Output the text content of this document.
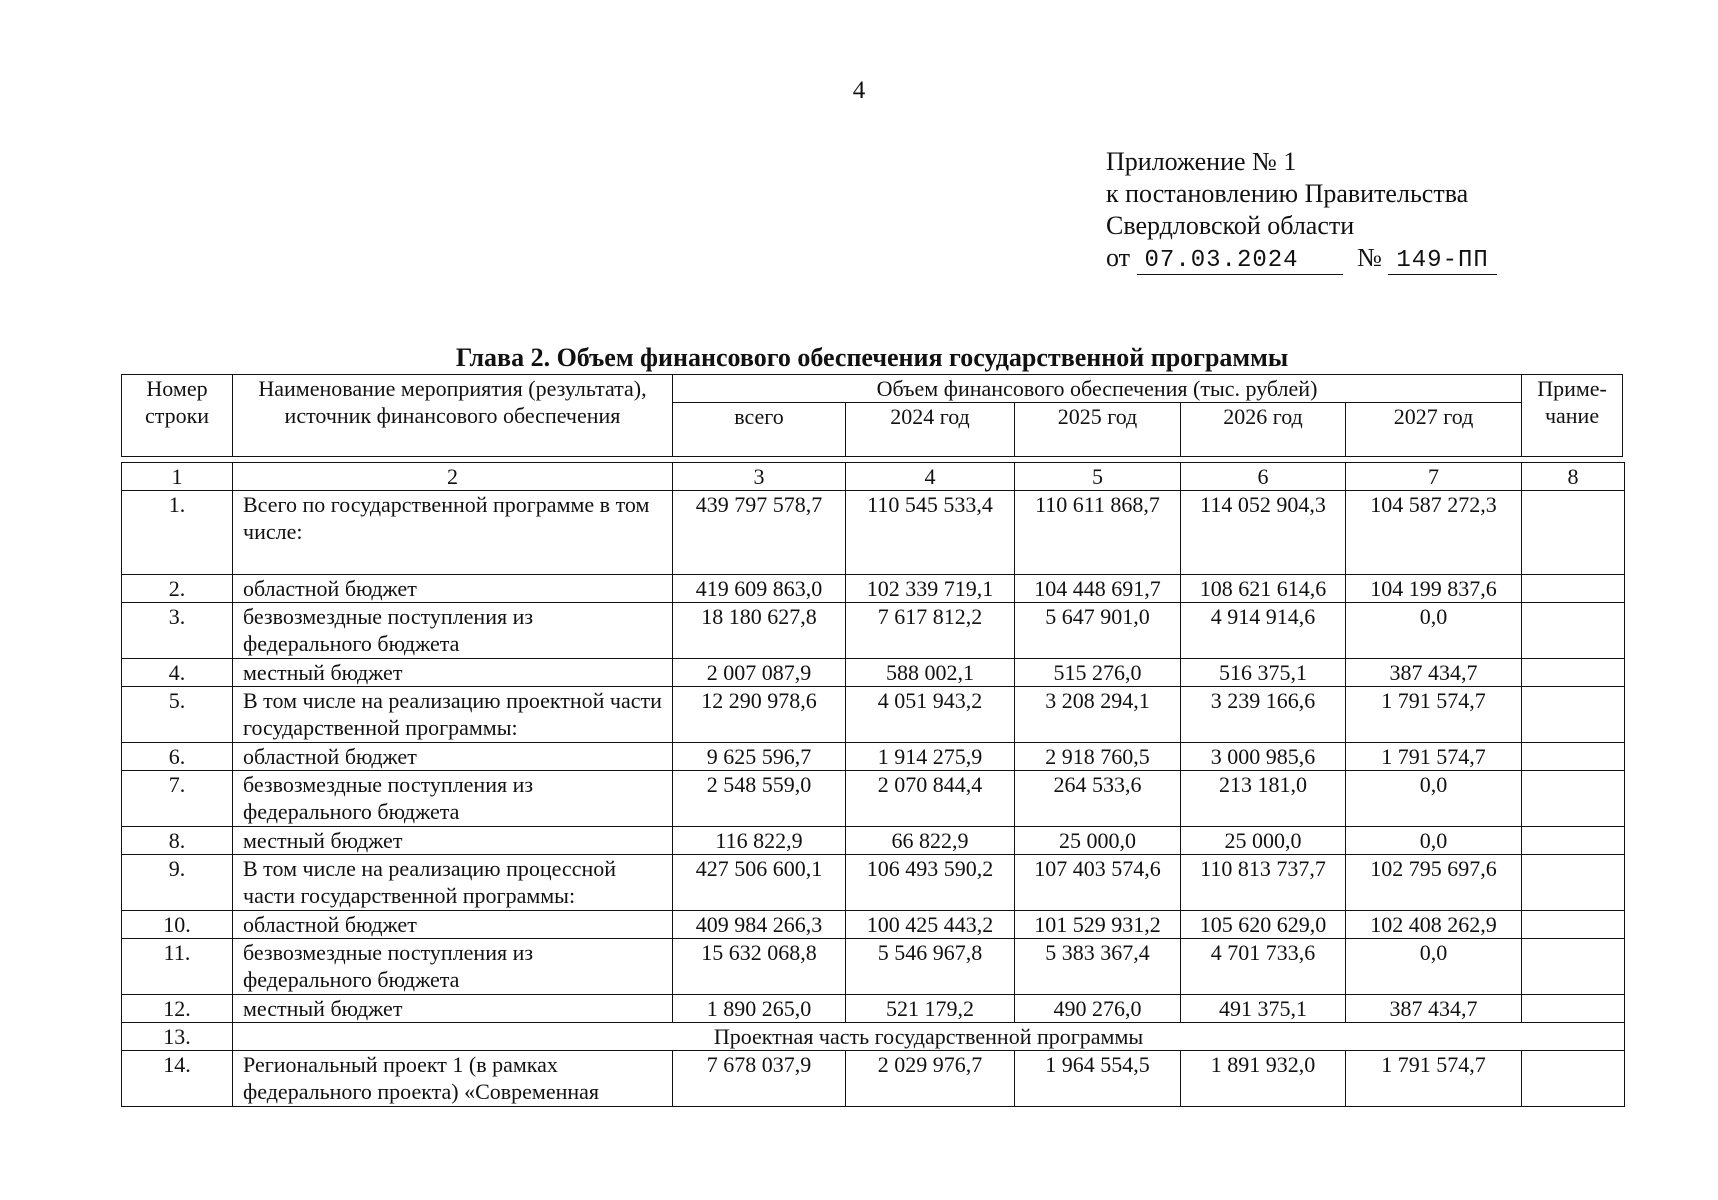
4
Приложение № 1
к постановлению Правительства
Свердловской области
от 07.03.2024 № 149-ПП
Глава 2. Объем финансового обеспечения государственной программы
Номер строки	Наименование мероприятия (результата), источник финансового обеспечения	Объем финансового обеспечения (тыс. рублей)					Приме-чание
		всего	2024 год	2025 год	2026 год	2027 год	
1	2	3	4	5	6	7	8
1.	Всего по государственной программе в том числе:	439 797 578,7	110 545 533,4	110 611 868,7	114 052 904,3	104 587 272,3	
2.	областной бюджет	419 609 863,0	102 339 719,1	104 448 691,7	108 621 614,6	104 199 837,6	
3.	безвозмездные поступления из федерального бюджета	18 180 627,8	7 617 812,2	5 647 901,0	4 914 914,6	0,0	
4.	местный бюджет	2 007 087,9	588 002,1	515 276,0	516 375,1	387 434,7	
5.	В том числе на реализацию проектной части государственной программы:	12 290 978,6	4 051 943,2	3 208 294,1	3 239 166,6	1 791 574,7	
6.	областной бюджет	9 625 596,7	1 914 275,9	2 918 760,5	3 000 985,6	1 791 574,7	
7.	безвозмездные поступления из федерального бюджета	2 548 559,0	2 070 844,4	264 533,6	213 181,0	0,0	
8.	местный бюджет	116 822,9	66 822,9	25 000,0	25 000,0	0,0	
9.	В том числе на реализацию процессной части государственной программы:	427 506 600,1	106 493 590,2	107 403 574,6	110 813 737,7	102 795 697,6	
10.	областной бюджет	409 984 266,3	100 425 443,2	101 529 931,2	105 620 629,0	102 408 262,9	
11.	безвозмездные поступления из федерального бюджета	15 632 068,8	5 546 967,8	5 383 367,4	4 701 733,6	0,0	
12.	местный бюджет	1 890 265,0	521 179,2	490 276,0	491 375,1	387 434,7	
13.	Проектная часть государственной программы						
14.	Региональный проект 1 (в рамках федерального проекта) «Современная	7 678 037,9	2 029 976,7	1 964 554,5	1 891 932,0	1 791 574,7	
